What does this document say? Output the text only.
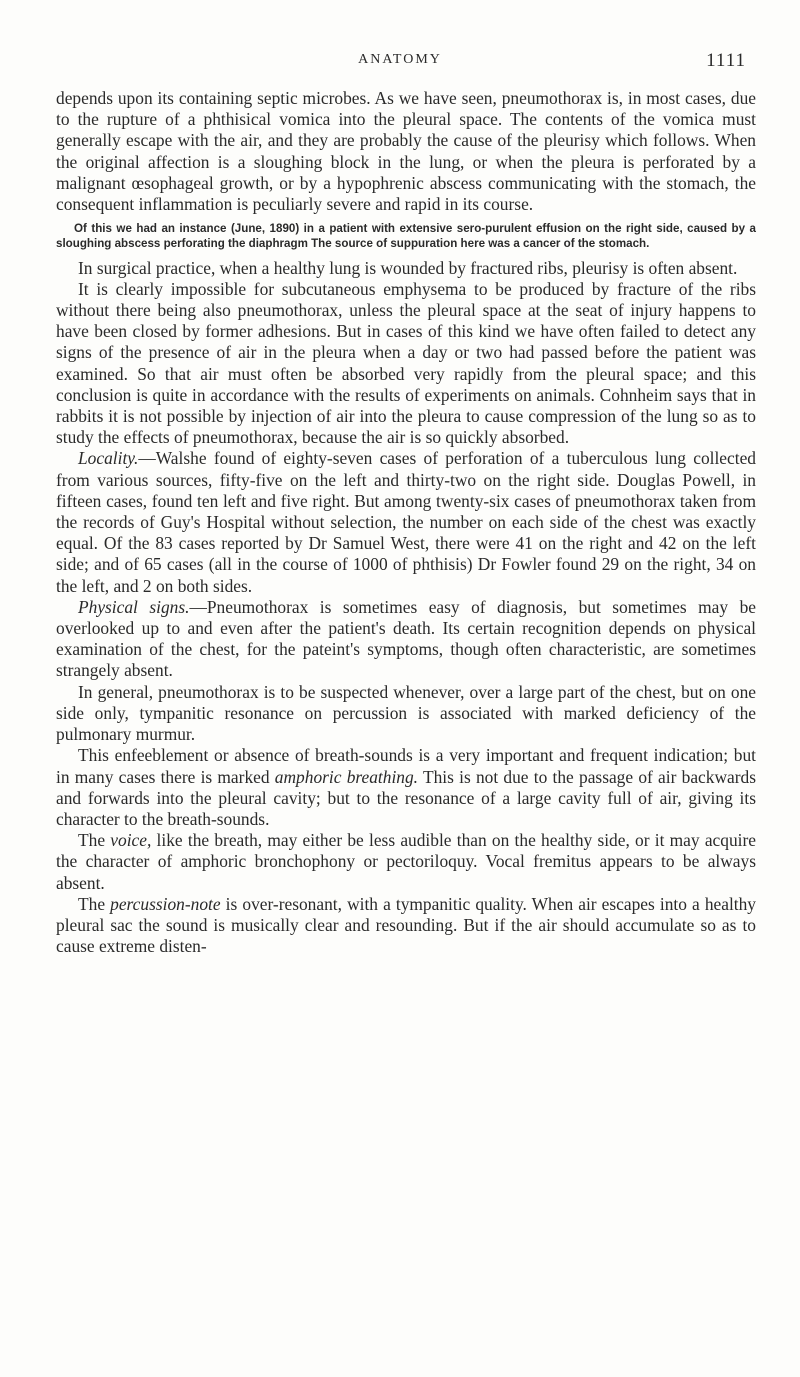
ANATOMY	1111

depends upon its containing septic microbes. As we have seen, pneumothorax is, in most cases, due to the rupture of a phthisical vomica into the pleural space. The contents of the vomica must generally escape with the air, and they are probably the cause of the pleurisy which follows. When the original affection is a sloughing block in the lung, or when the pleura is perforated by a malignant œsophageal growth, or by a hypophrenic abscess communicating with the stomach, the consequent inflammation is peculiarly severe and rapid in its course.

Of this we had an instance (June, 1890) in a patient with extensive sero-purulent effusion on the right side, caused by a sloughing abscess perforating the diaphragm The source of suppuration here was a cancer of the stomach.

In surgical practice, when a healthy lung is wounded by fractured ribs, pleurisy is often absent.

It is clearly impossible for subcutaneous emphysema to be produced by fracture of the ribs without there being also pneumothorax, unless the pleural space at the seat of injury happens to have been closed by former adhesions. But in cases of this kind we have often failed to detect any signs of the presence of air in the pleura when a day or two had passed before the patient was examined. So that air must often be absorbed very rapidly from the pleural space; and this conclusion is quite in accordance with the results of experiments on animals. Cohnheim says that in rabbits it is not possible by injection of air into the pleura to cause compression of the lung so as to study the effects of pneumothorax, because the air is so quickly absorbed.

Locality.—Walshe found of eighty-seven cases of perforation of a tuberculous lung collected from various sources, fifty-five on the left and thirty-two on the right side. Douglas Powell, in fifteen cases, found ten left and five right. But among twenty-six cases of pneumothorax taken from the records of Guy's Hospital without selection, the number on each side of the chest was exactly equal. Of the 83 cases reported by Dr Samuel West, there were 41 on the right and 42 on the left side; and of 65 cases (all in the course of 1000 of phthisis) Dr Fowler found 29 on the right, 34 on the left, and 2 on both sides.

Physical signs.—Pneumothorax is sometimes easy of diagnosis, but sometimes may be overlooked up to and even after the patient's death. Its certain recognition depends on physical examination of the chest, for the pateint's symptoms, though often characteristic, are sometimes strangely absent.

In general, pneumothorax is to be suspected whenever, over a large part of the chest, but on one side only, tympanitic resonance on percussion is associated with marked deficiency of the pulmonary murmur.

This enfeeblement or absence of breath-sounds is a very important and frequent indication; but in many cases there is marked amphoric breathing. This is not due to the passage of air backwards and forwards into the pleural cavity; but to the resonance of a large cavity full of air, giving its character to the breath-sounds.

The voice, like the breath, may either be less audible than on the healthy side, or it may acquire the character of amphoric bronchophony or pectoriloquy. Vocal fremitus appears to be always absent.

The percussion-note is over-resonant, with a tympanitic quality. When air escapes into a healthy pleural sac the sound is musically clear and resounding. But if the air should accumulate so as to cause extreme disten-
